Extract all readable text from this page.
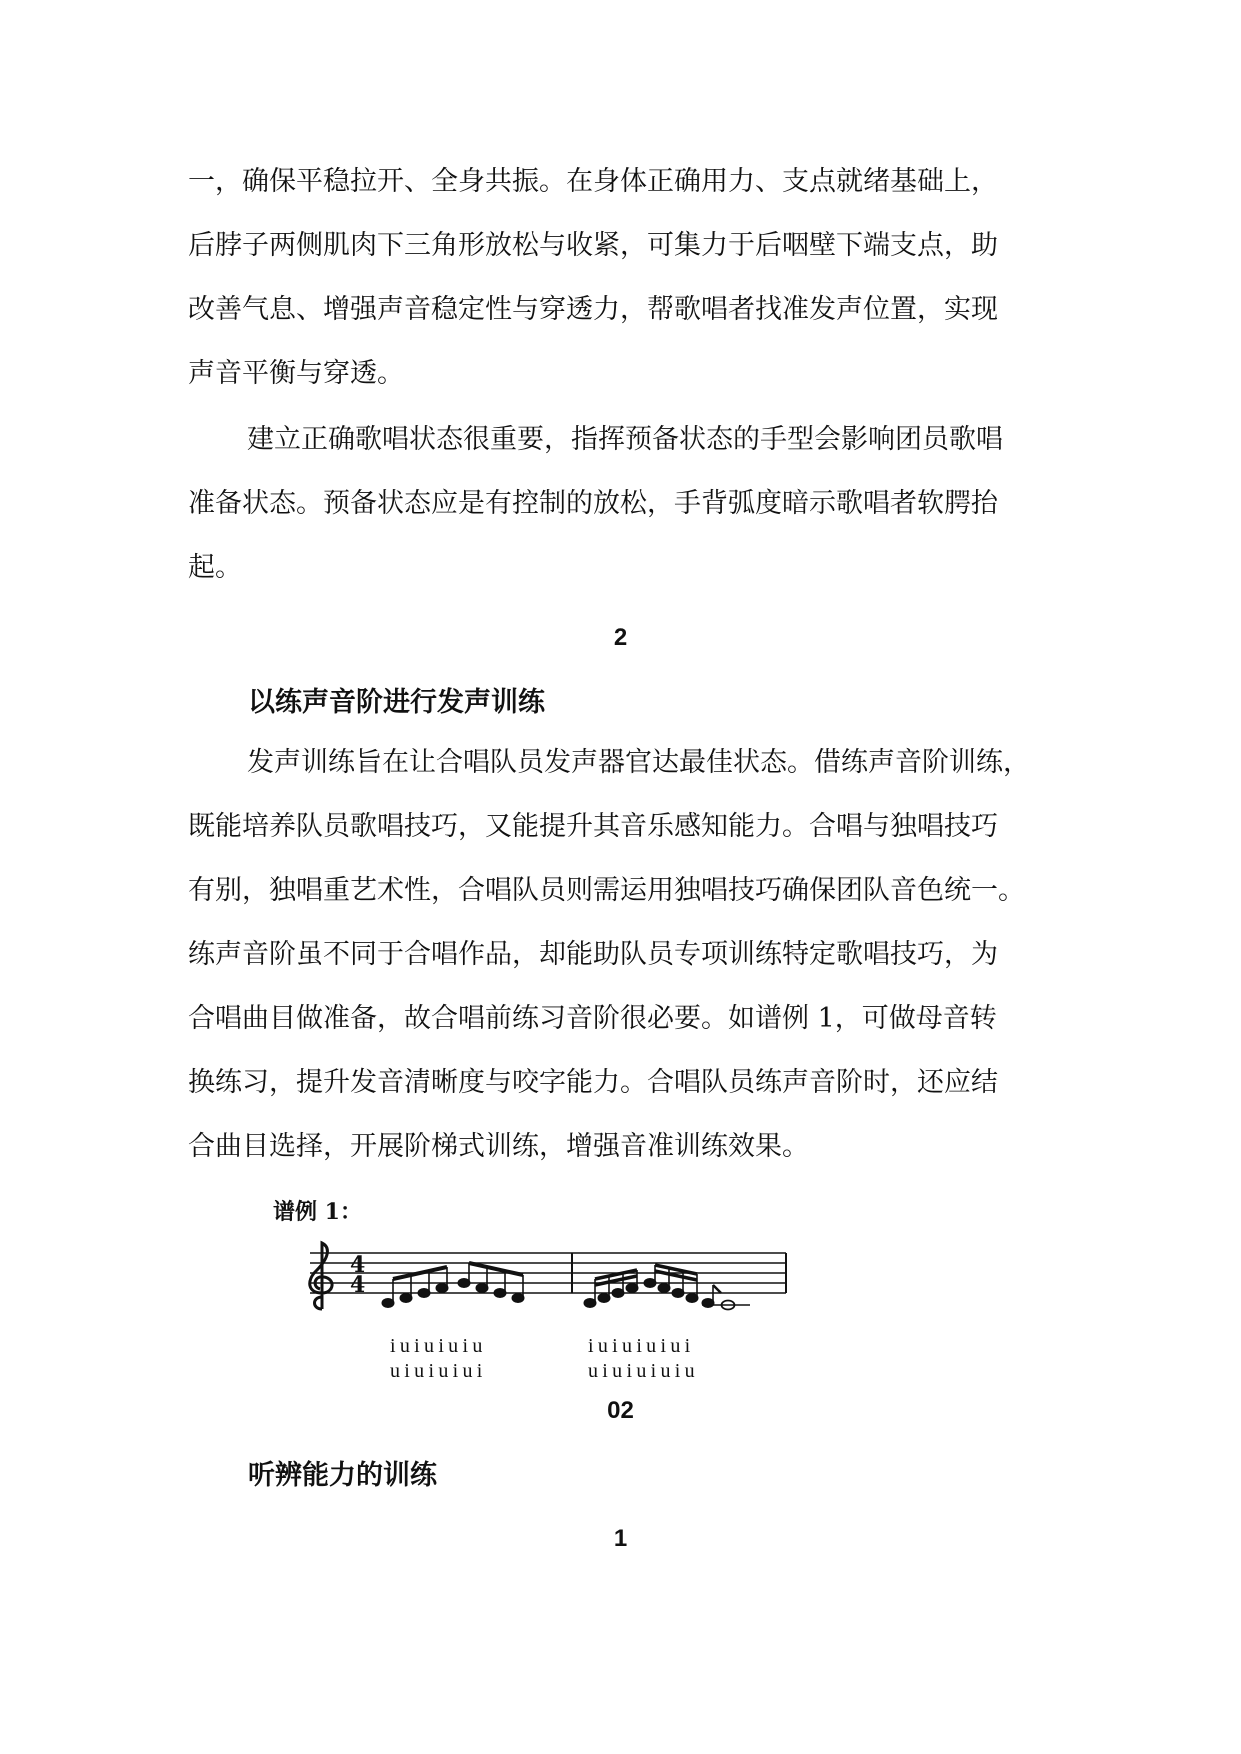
一，确保平稳拉开、全身共振。在身体正确用力、支点就绪基础上，
后脖子两侧肌肉下三角形放松与收紧，可集力于后咽壁下端支点，助
改善气息、增强声音稳定性与穿透力，帮歌唱者找准发声位置，实现
声音平衡与穿透。
建立正确歌唱状态很重要，指挥预备状态的手型会影响团员歌唱
准备状态。预备状态应是有控制的放松，手背弧度暗示歌唱者软腭抬
起。
2
以练声音阶进行发声训练
发声训练旨在让合唱队员发声器官达最佳状态。借练声音阶训练，
既能培养队员歌唱技巧，又能提升其音乐感知能力。合唱与独唱技巧
有别，独唱重艺术性，合唱队员则需运用独唱技巧确保团队音色统一。
练声音阶虽不同于合唱作品，却能助队员专项训练特定歌唱技巧，为
合唱曲目做准备，故合唱前练习音阶很必要。如谱例 1，可做母音转
换练习，提升发音清晰度与咬字能力。合唱队员练声音阶时，还应结
合曲目选择，开展阶梯式训练，增强音准训练效果。
谱例 1：
4
4
iuiuiuiu	iuiuiuiui
uiuiuiui	uiuiuiuiu
02
听辨能力的训练
1
